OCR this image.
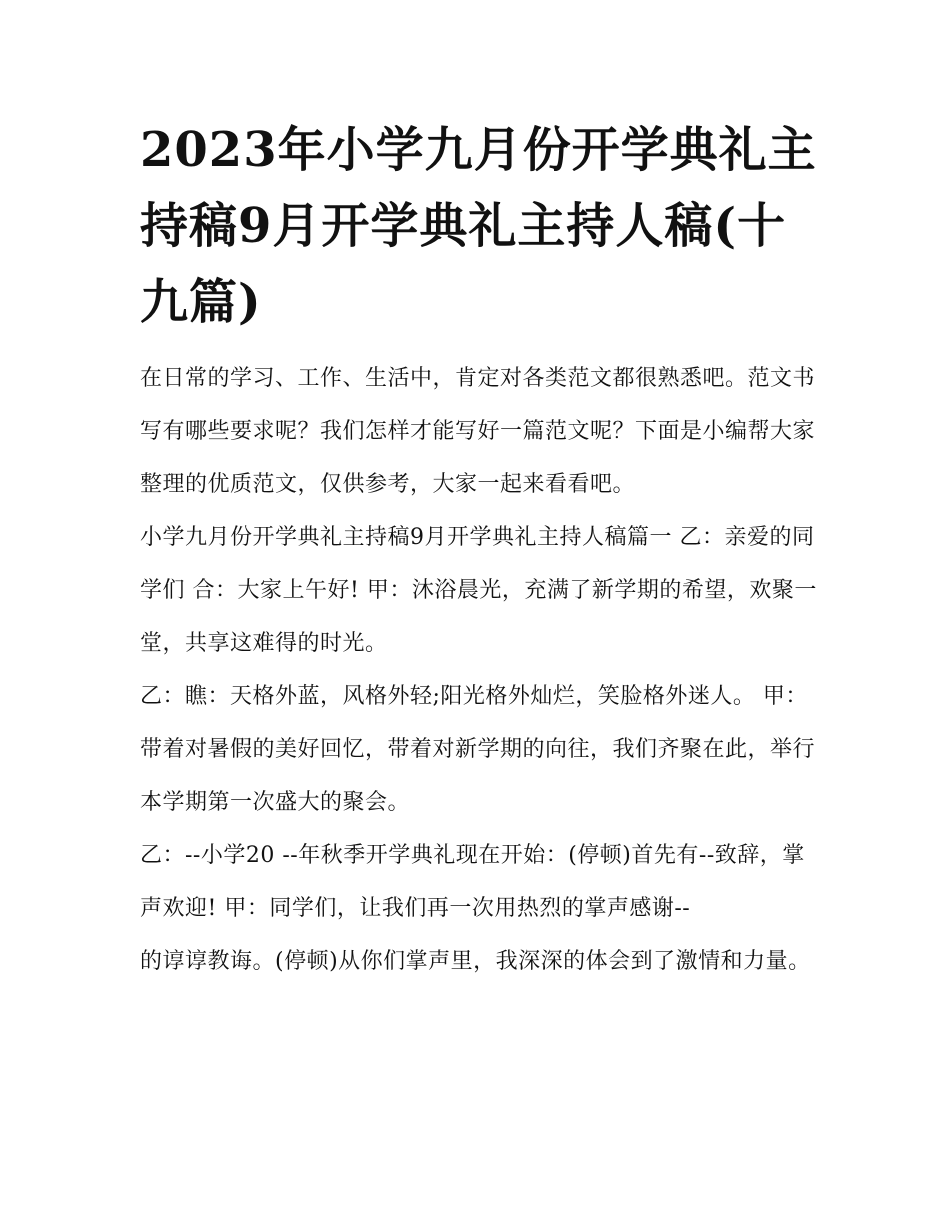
2023年小学九月份开学典礼主持稿9月开学典礼主持人稿(十九篇)

在日常的学习、工作、生活中，肯定对各类范文都很熟悉吧。范文书写有哪些要求呢？我们怎样才能写好一篇范文呢？下面是小编帮大家整理的优质范文，仅供参考，大家一起来看看吧。

小学九月份开学典礼主持稿9月开学典礼主持人稿篇一 乙：亲爱的同学们 合：大家上午好! 甲：沐浴晨光，充满了新学期的希望，欢聚一堂，共享这难得的时光。

乙：瞧：天格外蓝，风格外轻;阳光格外灿烂，笑脸格外迷人。 甲：带着对暑假的美好回忆，带着对新学期的向往，我们齐聚在此，举行本学期第一次盛大的聚会。

乙：--小学20 --年秋季开学典礼现在开始：(停顿)首先有--致辞，掌声欢迎! 甲：同学们，让我们再一次用热烈的掌声感谢--

的谆谆教诲。(停顿)从你们掌声里，我深深的体会到了激情和力量。
